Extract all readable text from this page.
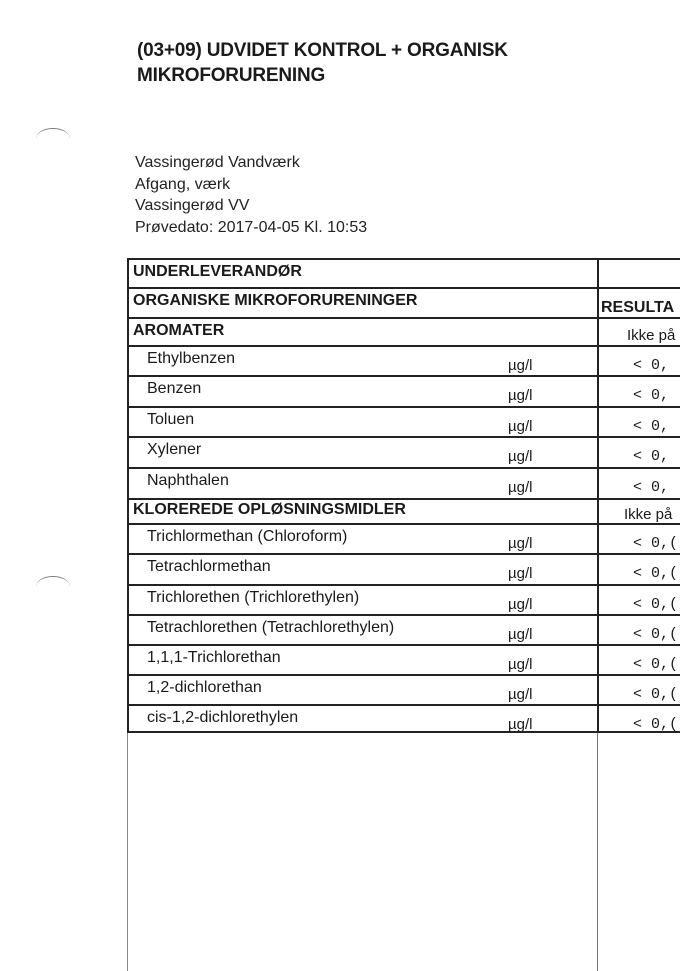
(03+09) UDVIDET KONTROL + ORGANISK
MIKROFORURENING
Vassingerød Vandværk
Afgang, værk
Vassingerød VV
Prøvedato: 2017-04-05 Kl. 10:53
UNDERLEVERANDØR
ORGANISKE MIKROFORURENINGER	RESULTA
AROMATER	Ikke på
Ethylbenzen	µg/l	< 0,
Benzen	µg/l	< 0,
Toluen	µg/l	< 0,
Xylener	µg/l	< 0,
Naphthalen	µg/l	< 0,
KLOREREDE OPLØSNINGSMIDLER	Ikke på
Trichlormethan (Chloroform)	µg/l	< 0,(
Tetrachlormethan	µg/l	< 0,(
Trichlorethen (Trichlorethylen)	µg/l	< 0,(
Tetrachlorethen (Tetrachlorethylen)	µg/l	< 0,(
1,1,1-Trichlorethan	µg/l	< 0,(
1,2-dichlorethan	µg/l	< 0,(
cis-1,2-dichlorethylen	µg/l	< 0,(
